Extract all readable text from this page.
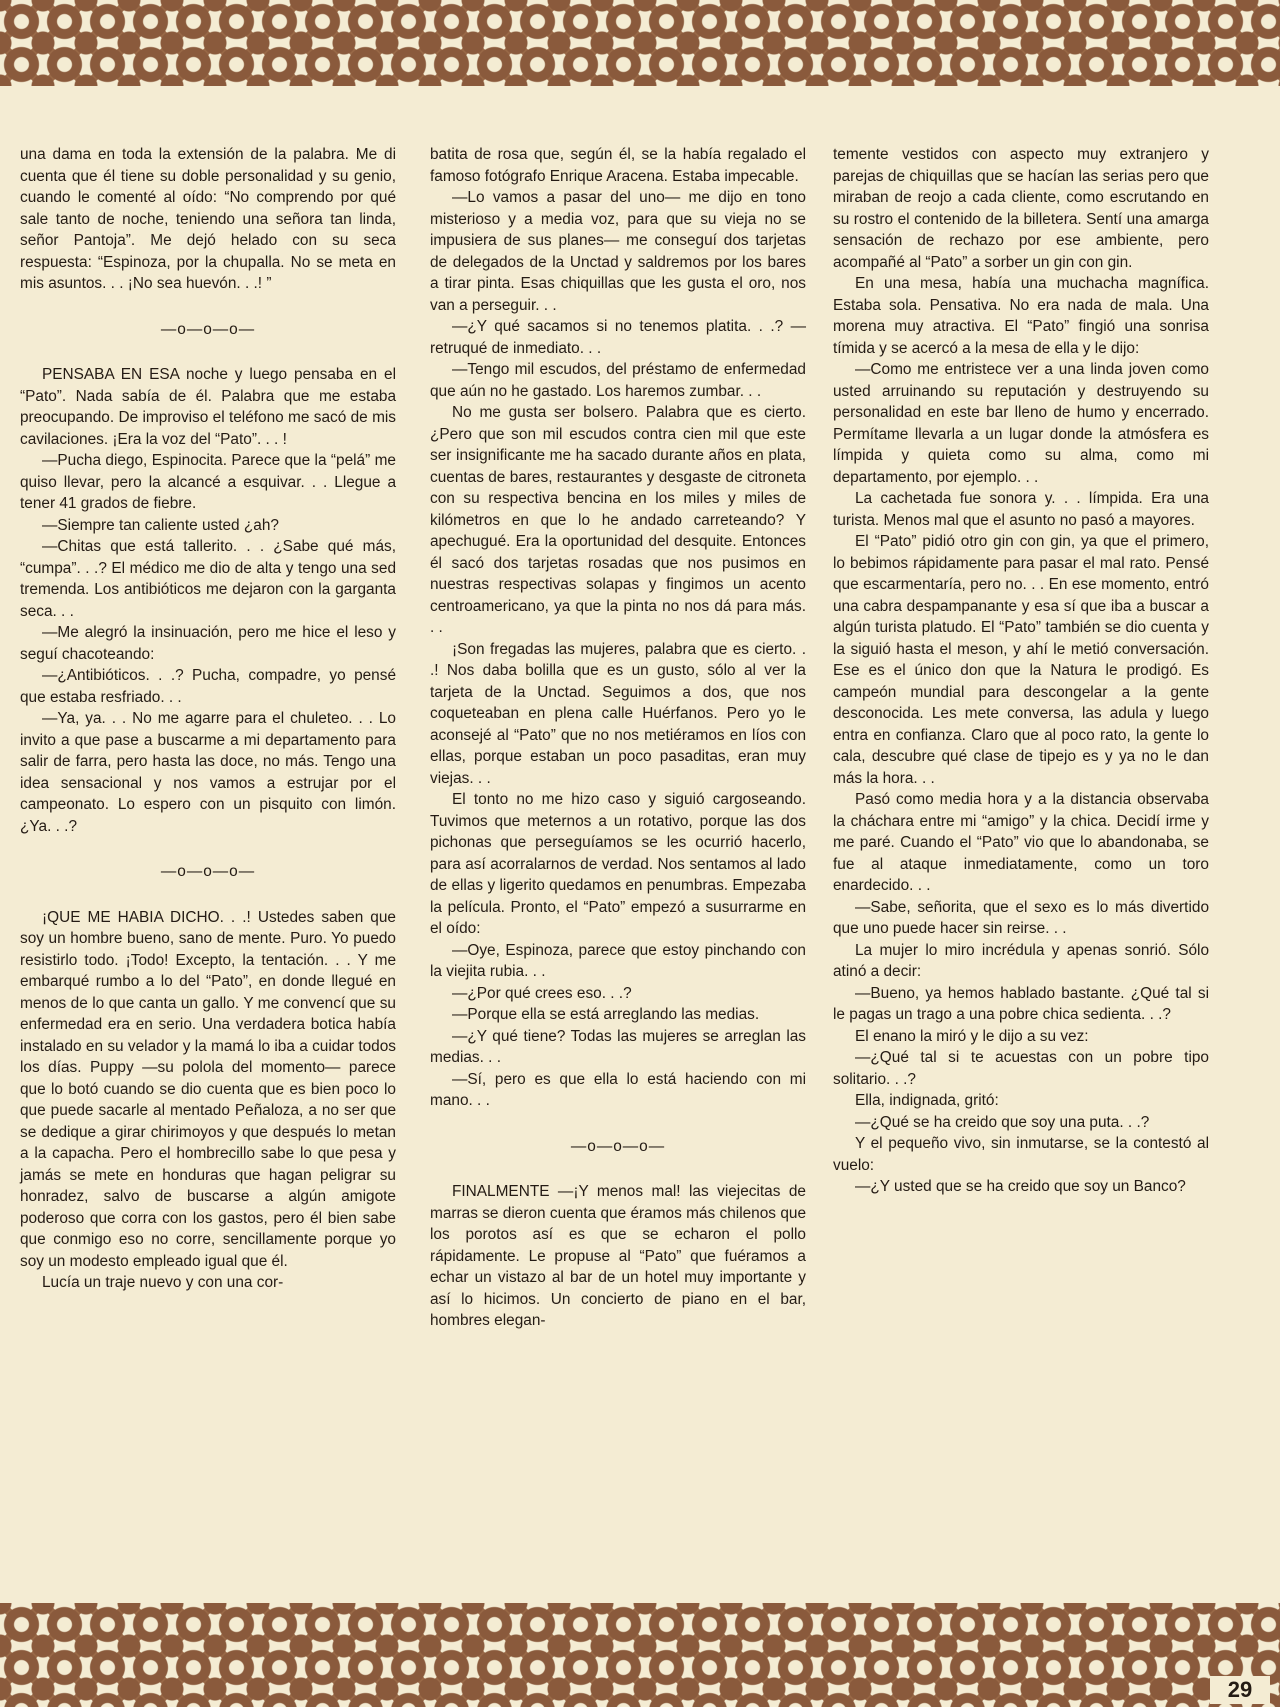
una dama en toda la extensión de la palabra. Me di cuenta que él tiene su doble personalidad y su genio, cuando le comenté al oído: “No comprendo por qué sale tanto de noche, teniendo una señora tan linda, señor Pantoja”. Me dejó helado con su seca respuesta: “Espinoza, por la chupalla. No se meta en mis asuntos. . . ¡No sea huevón. . .! ”

—o—o—o—

PENSABA EN ESA noche y luego pensaba en el “Pato”. Nada sabía de él. Palabra que me estaba preocupando. De improviso el teléfono me sacó de mis cavilaciones. ¡Era la voz del “Pato”. . . !

—Pucha diego, Espinocita. Parece que la “pelá” me quiso llevar, pero la alcancé a esquivar. . . Llegue a tener 41 grados de fiebre.

—Siempre tan caliente usted ¿ah?

—Chitas que está tallerito. . . ¿Sabe qué más, “cumpa”. . .? El médico me dio de alta y tengo una sed tremenda. Los antibióticos me dejaron con la garganta seca. . .

—Me alegró la insinuación, pero me hice el leso y seguí chacoteando:

—¿Antibióticos. . .? Pucha, compadre, yo pensé que estaba resfriado. . .

—Ya, ya. . . No me agarre para el chuleteo. . . Lo invito a que pase a buscarme a mi departamento para salir de farra, pero hasta las doce, no más. Tengo una idea sensacional y nos vamos a estrujar por el campeonato. Lo espero con un pisquito con limón. ¿Ya. . .?

—o—o—o—

¡QUE ME HABIA DICHO. . .! Ustedes saben que soy un hombre bueno, sano de mente. Puro. Yo puedo resistirlo todo. ¡Todo! Excepto, la tentación. . . Y me embarqué rumbo a lo del “Pato”, en donde llegué en menos de lo que canta un gallo. Y me convencí que su enfermedad era en serio. Una verdadera botica había instalado en su velador y la mamá lo iba a cuidar todos los días. Puppy —su polola del momento— parece que lo botó cuando se dio cuenta que es bien poco lo que puede sacarle al mentado Peñaloza, a no ser que se dedique a girar chirimoyos y que después lo metan a la capacha. Pero el hombrecillo sabe lo que pesa y jamás se mete en honduras que hagan peligrar su honradez, salvo de buscarse a algún amigote poderoso que corra con los gastos, pero él bien sabe que conmigo eso no corre, sencillamente porque yo soy un modesto empleado igual que él.

Lucía un traje nuevo y con una cor-

batita de rosa que, según él, se la había regalado el famoso fotógrafo Enrique Aracena. Estaba impecable.

—Lo vamos a pasar del uno— me dijo en tono misterioso y a media voz, para que su vieja no se impusiera de sus planes— me conseguí dos tarjetas de delegados de la Unctad y saldremos por los bares a tirar pinta. Esas chiquillas que les gusta el oro, nos van a perseguir. . .

—¿Y qué sacamos si no tenemos platita. . .? —retruqué de inmediato. . .

—Tengo mil escudos, del préstamo de enfermedad que aún no he gastado. Los haremos zumbar. . .

No me gusta ser bolsero. Palabra que es cierto. ¿Pero que son mil escudos contra cien mil que este ser insignificante me ha sacado durante años en plata, cuentas de bares, restaurantes y desgaste de citroneta con su respectiva bencina en los miles y miles de kilómetros en que lo he andado carreteando? Y apechugué. Era la oportunidad del desquite. Entonces él sacó dos tarjetas rosadas que nos pusimos en nuestras respectivas solapas y fingimos un acento centroamericano, ya que la pinta no nos dá para más. . .

¡Son fregadas las mujeres, palabra que es cierto. . .! Nos daba bolilla que es un gusto, sólo al ver la tarjeta de la Unctad. Seguimos a dos, que nos coqueteaban en plena calle Huérfanos. Pero yo le aconsejé al “Pato” que no nos metiéramos en líos con ellas, porque estaban un poco pasaditas, eran muy viejas. . .

El tonto no me hizo caso y siguió cargoseando. Tuvimos que meternos a un rotativo, porque las dos pichonas que perseguíamos se les ocurrió hacerlo, para así acorralarnos de verdad. Nos sentamos al lado de ellas y ligerito quedamos en penumbras. Empezaba la película. Pronto, el “Pato” empezó a susurrarme en el oído:

—Oye, Espinoza, parece que estoy pinchando con la viejita rubia. . .

—¿Por qué crees eso. . .?

—Porque ella se está arreglando las medias.

—¿Y qué tiene? Todas las mujeres se arreglan las medias. . .

—Sí, pero es que ella lo está haciendo con mi mano. . .

—o—o—o—

FINALMENTE —¡Y menos mal! las viejecitas de marras se dieron cuenta que éramos más chilenos que los porotos así es que se echaron el pollo rápidamente. Le propuse al “Pato” que fuéramos a echar un vistazo al bar de un hotel muy importante y así lo hicimos. Un concierto de piano en el bar, hombres elegan-

temente vestidos con aspecto muy extranjero y parejas de chiquillas que se hacían las serias pero que miraban de reojo a cada cliente, como escrutando en su rostro el contenido de la billetera. Sentí una amarga sensación de rechazo por ese ambiente, pero acompañé al “Pato” a sorber un gin con gin.

En una mesa, había una muchacha magnífica. Estaba sola. Pensativa. No era nada de mala. Una morena muy atractiva. El “Pato” fingió una sonrisa tímida y se acercó a la mesa de ella y le dijo:

—Como me entristece ver a una linda joven como usted arruinando su reputación y destruyendo su personalidad en este bar lleno de humo y encerrado. Permítame llevarla a un lugar donde la atmósfera es límpida y quieta como su alma, como mi departamento, por ejemplo. . .

La cachetada fue sonora y. . . límpida. Era una turista. Menos mal que el asunto no pasó a mayores.

El “Pato” pidió otro gin con gin, ya que el primero, lo bebimos rápidamente para pasar el mal rato. Pensé que escarmentaría, pero no. . . En ese momento, entró una cabra despampanante y esa sí que iba a buscar a algún turista platudo. El “Pato” también se dio cuenta y la siguió hasta el meson, y ahí le metió conversación. Ese es el único don que la Natura le prodigó. Es campeón mundial para descongelar a la gente desconocida. Les mete conversa, las adula y luego entra en confianza. Claro que al poco rato, la gente lo cala, descubre qué clase de tipejo es y ya no le dan más la hora. . .

Pasó como media hora y a la distancia observaba la cháchara entre mi “amigo” y la chica. Decidí irme y me paré. Cuando el “Pato” vio que lo abandonaba, se fue al ataque inmediatamente, como un toro enardecido. . .

—Sabe, señorita, que el sexo es lo más divertido que uno puede hacer sin reirse. . .

La mujer lo miro incrédula y apenas sonrió. Sólo atinó a decir:

—Bueno, ya hemos hablado bastante. ¿Qué tal si le pagas un trago a una pobre chica sedienta. . .?

El enano la miró y le dijo a su vez:

—¿Qué tal si te acuestas con un pobre tipo solitario. . .?

Ella, indignada, gritó:

—¿Qué se ha creido que soy una puta. . .?

Y el pequeño vivo, sin inmutarse, se la contestó al vuelo:

—¿Y usted que se ha creido que soy un Banco?

29
